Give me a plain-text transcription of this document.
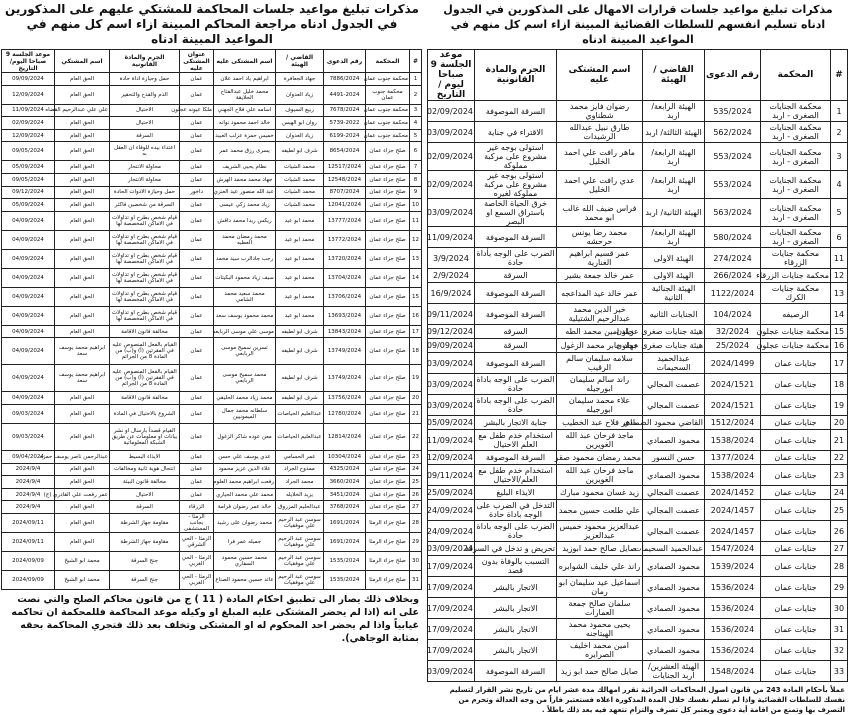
مذكرات تبليغ مواعيد جلسات قرارات الامهال على المذكورين في الجدول ادناه تسليم انفسهم للسلطات القضائية المبينة ازاء اسم كل منهم في المواعيد المبينة ادناه
#	المحكمة	رقم الدعوى	القاضي / الهيئة	اسم المشتكى عليه	الجرم والمادة القانونية	موعد الجلسة 9 صباحا ليوم / التاريخ
1	محكمة الجنايات الصغرى - اربد	535/2024	الهيئة الرابعة/ اربد	رضوان فايز محمد شطناوي	السرقة الموصوفة	02/09/2024
2	محكمة الجنايات الصغرى - اربد	562/2024	الهيئة الثالثة/ اربد	طارق نبيل عبدالله الرشيدات	الاقتراء في جناية	03/09/2024
3	محكمة الجنايات الصغرى - اربد	553/2024	الهيئة الرابعة/ اربد	ماهر رافت علي احمد الخليل	استولى بوجه غير مشروع على مركبة مملوكة	02/09/2024
4	محكمة الجنايات الصغرى - اربد	553/2024	الهيئة الرابعة/ اربد	عدي رافت علي احمد الخليل	استولى بوجه غير مشروع على مركبة مملوكة لغيره	02/09/2024
5	محكمة الجنايات الصغرى - اربد	563/2024	الهيئة الثانية/ اربد	فراس ضيف الله غالب ابو محمد	خرق الحياة الخاصة باستراق السمع او البصر	03/09/2024
6	محكمة الجنايات الصغرى - اربد	580/2024	الهيئة الرابعة/ اربد	محمد رضا يونس حرحشه	السرقة الموصوفة	11/09/2024
11	محكمة جنايات الزرقاء	274/2024	الهيئة الاولى	عمر قسيم ابراهيم الغنارية	الضرب على الوجه بأداة حادة	3/9/2024
12	محكمة جنايات الزرقاء	266/2024	الهيئة الاولى	عمر خالد جمعة بشير	السرقة	2/9/2024
13	محكمة جنايات الكرك	1122/2024	الهيئة الجنائية الثانية	عمر خالد عيد المداعجه	السرقة الموصوفة	16/9/2024
14	الرصيفه	104/2024	الجنايات الثانيه	خير الدين محمد عبدالرحيم الشتيلية	السرقة الموصوفة	09/11/2024
15	محكمة جنايات عجلون	32/2024	هيئة جنايات صغرى عجلون	زياد امين محمد الطه	السرقه	09/12/2024
16	محكمة جنايات عجلون	25/2024	هيئة جنايات صغرى عجلون	جهاد جابر محمد الزغول	السرقة	09/09/2024
17	جنايات عمان	2024/1499	عبدالحميد السحيمات	سلامه سليمان سالم الرقيب	السرقة الموصوفة	03/09/2024
18	جنايات عمان	2024/1521	عصمت المجالي	راند سالم سليمان ابورجيله	الضرب على الوجه باداة حادة	03/09/2024
19	جنايات عمان	2024/1521	عصمت المجالي	علاء محمد سليمان ابورجيله	الضرب على الوجه باداة حادة	03/09/2024
20	جنايات عمان	1512/2024	القاضي محمود الصمادي	ماهر فلاح عبد الخطيب	جناية الاتجار بالبشر	05/09/2024
21	جنايات عمان	1538/2024	محمود الصمادي	ماجد فرحان عبد الله الغويرين	استخدام خدم طفل مع العلم الاحتيال	11/09/2024
22	جنايات عمان	1377/2024	حسن النسور	محمد رمضان محمود صقر	السرقة الموصوفة	12/09/2024
23	جنايات عمان	1538/2024	محمود الصمادي	ماجد فرحان عبد الله الغويرين	استخدام خدم طفل مع العلم/الاحتيال	09/11/2024
24	جنايات عمان	2024/1452	عصمت المجالي	زيد غسان محمود مبارك	الايذاء البليغ	25/09/2024
25	جنايات عمان	2024/1457	عصمت المجالي	علي طلعت حسين محمد	التدخل في الضرب على الوجه باداة حادة	24/09/2024
26	جنايات عمان	2024/1457	عصمت المجالي	عبدالعزيز محمود خميس عبدالعزيز	الضرب على الوجه باداة حادة	24/09/2024
27	جنايات عمان	1547/2024	عبدالحميد السحيمات	صايل صالح حمد ابوزيد	تحريض و تدخل في السرقة	03/09/2024
28	جنايات عمان	1539/2024	محمود الصمادي	راند علي خليف الشوابره	التسبب بالوفاة بدون قصد	17/09/2024
29	جنايات عمان	1536/2024	محمود الصمادي	اسماعيل عيد سليمان ابو رمان	الاتجار بالبشر	17/09/2024
30	جنايات عمان	1536/2024	محمود الصمادي	سلمان صالح جمعة العمارات	الاتجار بالبشر	17/09/2024
31	جنايات عمان	1536/2024	محمود الصمادي	يحيى محمود محمد الهيتاجنه	الاتجار بالبشر	17/09/2024
32	جنايات عمان	1536/2024	محمود الصمادي	امين محمد اخليف الصرايره	الاتجار بالبشر	17/09/2024
33	جنايات عمان	1548/2024	الهيئة العشرين/اربد الجنايات	صايل صالح حمد ابو زيد	السرقة الموصوفة	03/09/2024
عملاً بأحكام المادة 243 من قانون اصول المحاكمات الجزائية تقرر امهالك مدة عشر ايام من تاريخ نشر القرار لتسليم نفسك للسلطات القضائية واذا لم تسلم نفسك خلال المدة المذكورة اعلاه فستعتبر فاراً من وجه العدالة وتحرم من التصرف بها وتمنع من اقامة أية دعوى ويعتبر كل تصرف والتزام تتعهد فيه بعد ذلك باطلاً .
مذكرات تبليغ مواعيد جلسات المحاكمة للمشتكي عليهم على المذكورين في الجدول ادناه مراجعة المحاكم المبينة ازاء اسم كل منهم في المواعيد المبينة ادناه
#	المحكمة	رقم الدعوى	القاضي / الهيئة	اسم المشتكى عليه	عنوان المشتكى عليه	الجرم والمادة القانونية	اسم المشتكي	موعد الجلسة 9 صباحا اليوم/التاريخ
1	محكمة جنوب عمان	7886/2024	جهاد الجعافرة	ابراهيم ياد احمد علان	عمان	حمل وحيازة اداة حادة	الحق العام	09/09/2024
2	محكمة جنوب عمان	4491-2024	زياد العدوان	محمد خليل عبدالفتاح الحلايقة	عمان	الذم والقدح والتحقير	الحق العام	12/09/2024
3	محكمة جنوب عمان	7678/2024	ربيع السيوف	اسامه علي فلاح الجهني	ملكا عيونه عجلون	الاحتيال	علي علي عبدالرحيم القضاه	11/09/2024
4	محكمة جنوب عمان	5739-2022	روان ابو الهيس	خالد احمد محمود نوانه	عمان	الاحتيال	الحق العام	02/09/2024
5	محكمة جنوب عمان	6199-2024	زياد العدوان	خميس حمزة عزلب العبيد	عمان	السرقة	الحق العام	12/09/2024
6	صلح جزاء عمان	8654/2024	شرف ابو لطيفه	يسرى رزق محمد عمر	عمان	اعتداء بيده للوفاء ان العقل به	الحق العام	09/05/2024
7	صلح جزاء عمان	12517/2024	محمد الشيات	نظام يحيى الشريف	عمان	محاولة الانتحار	الحق العام	05/09/2024
8	صلح جزاء عمان	12548/2024	محمد الشيات	جهاد محمد محمد الهرش	عمان	محاولة الانتحار	الحق العام	09/05/2024
9	صلح جزاء عمان	8707/2024	محمد الشيات	عبد الله منصور عيد العنزي	داخور	حمل وحيازة الادوات الحادة	الحق العام	09/12/2024
10	صلح جزاء عمان	12041/2024	محمد الشيات	زياد محمد زكي عيسى	عمان	السرقة من شخصين فاكثر	الحق العام	05/09/2024
11	صلح جزاء عمان	13777/2024	محمد ابو عيد	ريكس ريدا محمد داقش	عمان	قيام شخص بطرح او تداولات في الاماكن المخصصة لها	الحق العام	04/09/2024
12	صلح جزاء عمان	13772/2024	محمد ابو عيد	محمد رمضان محمد العطيه	عمان	قيام شخص بطرح او تداولات في الاماكن المخصصة لها	الحق العام	04/09/2024
13	صلح جزاء عمان	13720/2024	محمد ابو عيد	رجب جادالرب سيد محمد	عمان	قيام شخص بطرح او تداولات في الاماكن المخصصة لها	الحق العام	04/09/2024
14	صلح جزاء عمان	13704/2024	محمد ابو عيد	سيف زياد محمود البكيتات	عمان	قيام شخص بطرح او تداولات في الاماكن المخصصة لها	الحق العام	04/09/2024
15	صلح جزاء عمان	13706/2024	محمد ابو عيد	محمد سعيد محمد الشامي	عمان	قيام شخص بطرح او تداولات في الاماكن المخصصة لها	الحق العام	04/09/2024
16	صلح جزاء عمان	13693/2024	محمد ابو عيد	محمد محمود يوسف سعد	عمان	قيام شخص بطرح او تداولات في الاماكن المخصصة لها	الحق العام	04/09/2024
17	صلح جزاء عمان	13843/2024	شرف ابو لطيفه	موسى علي موسى الربابعه	عمان	مخالفة قانون الاقامة	الحق العام	04/09/2024
18	صلح جزاء عمان	13749/2024	شرف ابو لطيفه	تسرين سميح موسى الربابعي	عمان	القيام بالفعل المنصوص عليه في الفقرتين (أ) و(ب) من المادة 8 من الجرائم	ابراهيم محمد يوسف سعد	04/09/2024
19	صلح جزاء عمان	13749/2024	شرف ابو لطيفه	محمد سميح موسى الربابعي	عمان	القيام بالفعل المنصوص عليه في الفقرتين (أ) و(ب) من المادة 8 من الجرائم	ابراهيم محمد يوسف سعد	04/09/2024
20	صلح جزاء عمان	13756/2024	شرف ابو لطيفه	محمد زياد محمد الحليقي	عمان	مخالفة قانون الاقامة	الحق العام	04/09/2024
21	صلح جزاء عمان	12780/2024	عبدالعليم الحياصات	سلطانه محمد جمال الميمونيين	عمان	الشروع بالاحتيال في المادة	الحق العام	09/03/2024
22	صلح جزاء عمان	12814/2024	عبدالعليم الحياصات	معن عوده شاكر الزغول	عمان	القيام قصداً بارسال او نشر بيانات او معلومات عن طريق الشبكة المعلوماتية	الحق العام	09/03/2024
23	صلح جزاء عمان	10304/2024	عمر الحسامي	عدي يوسف علي حسن	عمان	الايذاء البسيط	عبدالرحمن ناصر يوسف حمزه	09/04/2024
24	صلح جزاء عمان	4325/2024	ممدوح الجراد	علاء الدين عزيز محمود	عمان	انتحال هوية ثانية ومخالفات	الحق العام	2024/9/4
25	صلح جزاء عمان	3660/2024	محمد الجراد	رفعت ابراهيم محمد العلوم	عمان	مخالفة قانون البيئة	الحق العام	2024/9/4
26	صلح جزاء عمان	3451/2024	يزيد الخلايله	محمد علي محمد الحياري	عمان	الاحتيال	عمر رفعت علي القادري (ج)	2024/9/4
27	صلح جزاء عمان	3768/2024	عبدالحليم المزروق	خالد عمر رضوان قرامة	الزرقاء	السرقة	الحق العام	2024/9/4
28	صلح جزاء الرمثا	1691/2024	سوسن عبد الرحيم علي موفقيات	محمد رضوان على رشيد	الرمثا - بجانب المستشفى	مقاومة جهاز الشرطة	الحق العام	2024/09/11
29	صلح جزاء الرمثا	1691/2024	سوسن عبد الرحيم علي موفقيات	جميله عمر فرا	الرمثا - الحي الشرقي	مقاومة جهاز الشرطة	الحق العام	2024/09/11
30	صلح جزاء الرمثا	1535/2024	سوسن عبد الرحيم علي موفقيات	محمد حسين محمود السفاري	الرمثا - الحي الغربي	جنح السرقة	محمد ابو الشيخ	2024/09/09
31	صلح جزاء الرمثا	1535/2024	سوسن عبد الرحيم علي موفقيات	عائد حسين محمود الصناع	الرمثا - الحي الغربي	جنح السرقة	محمد ابو الشيخ	2024/09/09
وبخلاف ذلك يصار الى تطبيق احكام المادة ( 11 ) ج من قانون محاكم الصلح والتي نصت على انه (اذا لم يحضر المشتكى عليه المبلغ او وكيله موعد المحاكمة فللمحكمة ان تحاكمه غيابياً واذا لم يحضر احد المحكوم له او المشتكى وتخلف بعد ذلك فتجري المحاكمة بحقه بمثابة الوجاهي).
